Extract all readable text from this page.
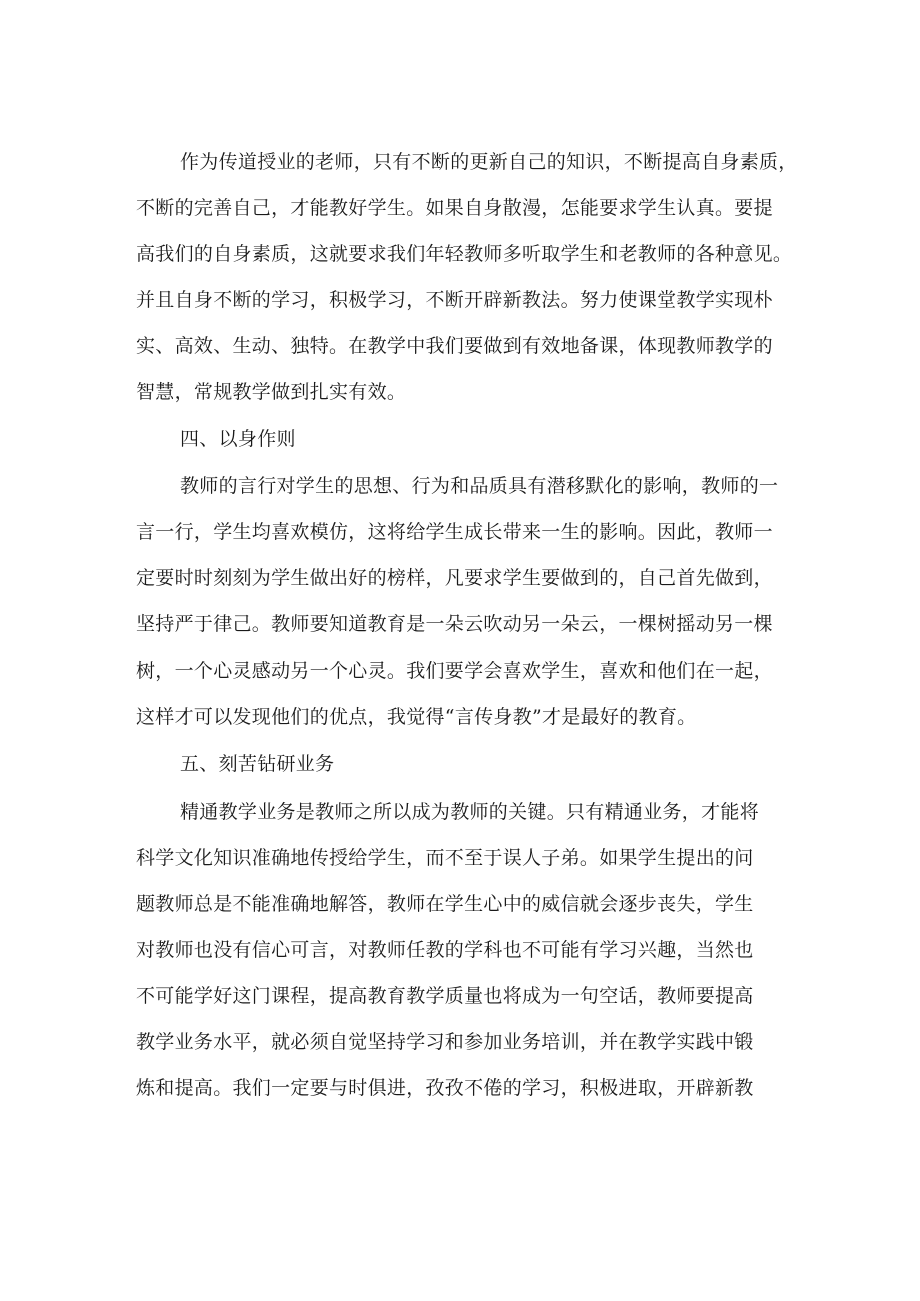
作为传道授业的老师，只有不断的更新自己的知识，不断提高自身素质，
不断的完善自己，才能教好学生。如果自身散漫，怎能要求学生认真。要提
高我们的自身素质，这就要求我们年轻教师多听取学生和老教师的各种意见。
并且自身不断的学习，积极学习，不断开辟新教法。努力使课堂教学实现朴
实、高效、生动、独特。在教学中我们要做到有效地备课，体现教师教学的
智慧，常规教学做到扎实有效。
四、以身作则
教师的言行对学生的思想、行为和品质具有潜移默化的影响，教师的一
言一行，学生均喜欢模仿，这将给学生成长带来一生的影响。因此，教师一
定要时时刻刻为学生做出好的榜样，凡要求学生要做到的，自己首先做到，
坚持严于律己。教师要知道教育是一朵云吹动另一朵云，一棵树摇动另一棵
树，一个心灵感动另一个心灵。我们要学会喜欢学生，喜欢和他们在一起，
这样才可以发现他们的优点，我觉得“言传身教”才是最好的教育。
五、刻苦钻研业务
精通教学业务是教师之所以成为教师的关键。只有精通业务，才能将
科学文化知识准确地传授给学生，而不至于误人子弟。如果学生提出的问
题教师总是不能准确地解答，教师在学生心中的威信就会逐步丧失，学生
对教师也没有信心可言，对教师任教的学科也不可能有学习兴趣，当然也
不可能学好这门课程，提高教育教学质量也将成为一句空话，教师要提高
教学业务水平，就必须自觉坚持学习和参加业务培训，并在教学实践中锻
炼和提高。我们一定要与时俱进，孜孜不倦的学习，积极进取，开辟新教
